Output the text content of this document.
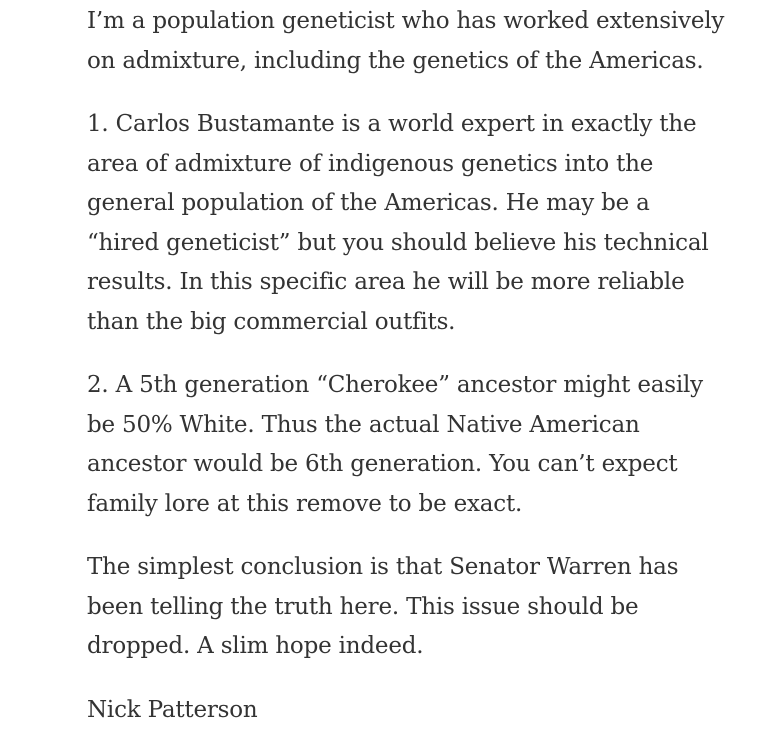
I’m a population geneticist who has worked extensively on admixture, including the genetics of the Americas.

1. Carlos Bustamante is a world expert in exactly the area of admixture of indigenous genetics into the general population of the Americas. He may be a “hired geneticist” but you should believe his technical results. In this specific area he will be more reliable than the big commercial outfits.

2. A 5th generation “Cherokee” ancestor might easily be 50% White. Thus the actual Native American ancestor would be 6th generation. You can’t expect family lore at this remove to be exact.

The simplest conclusion is that Senator Warren has been telling the truth here. This issue should be dropped. A slim hope indeed.

Nick Patterson
